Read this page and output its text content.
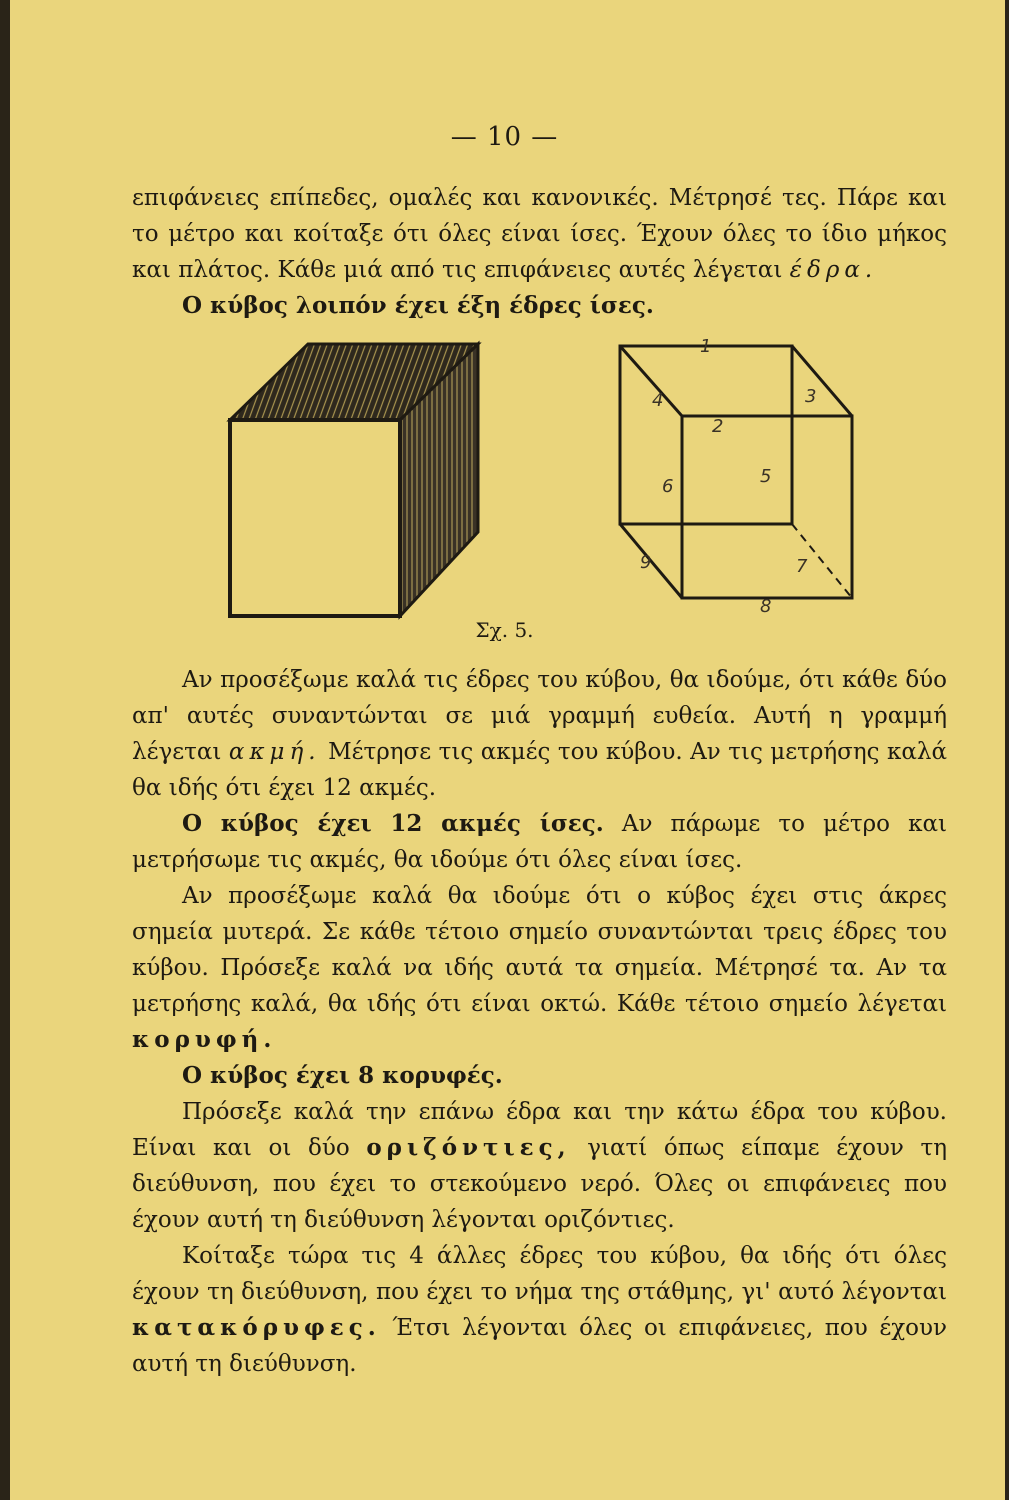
— 10 —

επιφάνειες επίπεδες, ομαλές και κανονικές. Μέτρησέ τες. Πάρε και το μέτρο και κοίταξε ότι όλες είναι ίσες. Έχουν όλες το ίδιο μήκος και πλάτος. Κάθε μιά από τις επιφάνειες αυτές λέγεται έδρα.

Ο κύβος λοιπόν έχει έξη έδρες ίσες.

1
2
3
4
5
6
7
8
9
Σχ. 5.

Αν προσέξωμε καλά τις έδρες του κύβου, θα ιδούμε, ότι κάθε δύο απ' αυτές συναντώνται σε μιά γραμμή ευθεία. Αυτή η γραμμή λέγεται ακμή. Μέτρησε τις ακμές του κύβου. Αν τις μετρήσης καλά θα ιδής ότι έχει 12 ακμές.

Ο κύβος έχει 12 ακμές ίσες. Αν πάρωμε το μέτρο και μετρήσωμε τις ακμές, θα ιδούμε ότι όλες είναι ίσες.

Αν προσέξωμε καλά θα ιδούμε ότι ο κύβος έχει στις άκρες σημεία μυτερά. Σε κάθε τέτοιο σημείο συναντώνται τρεις έδρες του κύβου. Πρόσεξε καλά να ιδής αυτά τα σημεία. Μέτρησέ τα. Αν τα μετρήσης καλά, θα ιδής ότι είναι οκτώ. Κάθε τέτοιο σημείο λέγεται κορυφή.

Ο κύβος έχει 8 κορυφές.

Πρόσεξε καλά την επάνω έδρα και την κάτω έδρα του κύβου. Είναι και οι δύο οριζόντιες, γιατί όπως είπαμε έχουν τη διεύθυνση, που έχει το στεκούμενο νερό. Όλες οι επιφάνειες που έχουν αυτή τη διεύθυνση λέγονται οριζόντιες.

Κοίταξε τώρα τις 4 άλλες έδρες του κύβου, θα ιδής ότι όλες έχουν τη διεύθυνση, που έχει το νήμα της στάθμης, γι' αυτό λέγονται κατακόρυφες. Έτσι λέγονται όλες οι επιφάνειες, που έχουν αυτή τη διεύθυνση.
